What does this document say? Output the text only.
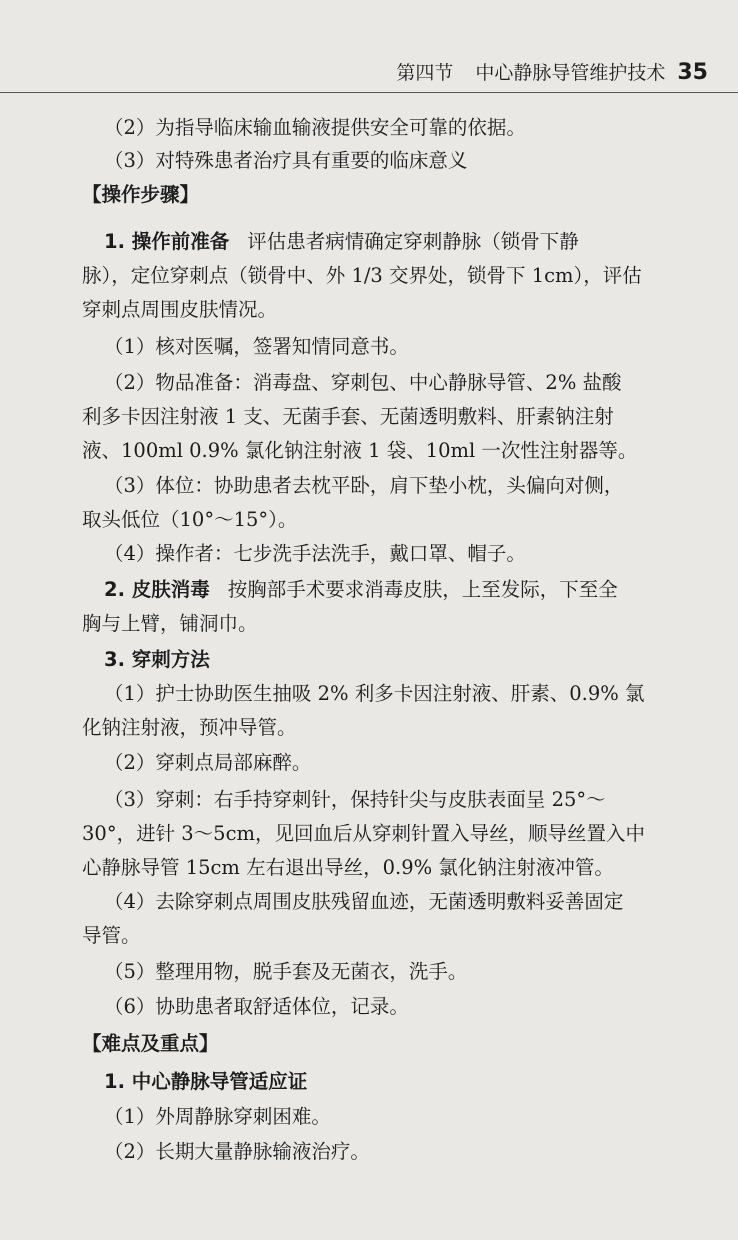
第四节 中心静脉导管维护技术 35
（2）为指导临床输血输液提供安全可靠的依据。
（3）对特殊患者治疗具有重要的临床意义
【操作步骤】
1. 操作前准备 评估患者病情确定穿刺静脉（锁骨下静
脉），定位穿刺点（锁骨中、外 1/3 交界处，锁骨下 1cm），评估
穿刺点周围皮肤情况。
（1）核对医嘱，签署知情同意书。
（2）物品准备：消毒盘、穿刺包、中心静脉导管、2% 盐酸
利多卡因注射液 1 支、无菌手套、无菌透明敷料、肝素钠注射
液、100ml 0.9% 氯化钠注射液 1 袋、10ml 一次性注射器等。
（3）体位：协助患者去枕平卧，肩下垫小枕，头偏向对侧，
取头低位（10°～15°）。
（4）操作者：七步洗手法洗手，戴口罩、帽子。
2. 皮肤消毒 按胸部手术要求消毒皮肤，上至发际，下至全
胸与上臂，铺洞巾。
3. 穿刺方法
（1）护士协助医生抽吸 2% 利多卡因注射液、肝素、0.9% 氯
化钠注射液，预冲导管。
（2）穿刺点局部麻醉。
（3）穿刺：右手持穿刺针，保持针尖与皮肤表面呈 25°～
30°，进针 3～5cm，见回血后从穿刺针置入导丝，顺导丝置入中
心静脉导管 15cm 左右退出导丝，0.9% 氯化钠注射液冲管。
（4）去除穿刺点周围皮肤残留血迹，无菌透明敷料妥善固定
导管。
（5）整理用物，脱手套及无菌衣，洗手。
（6）协助患者取舒适体位，记录。
【难点及重点】
1. 中心静脉导管适应证
（1）外周静脉穿刺困难。
（2）长期大量静脉输液治疗。
